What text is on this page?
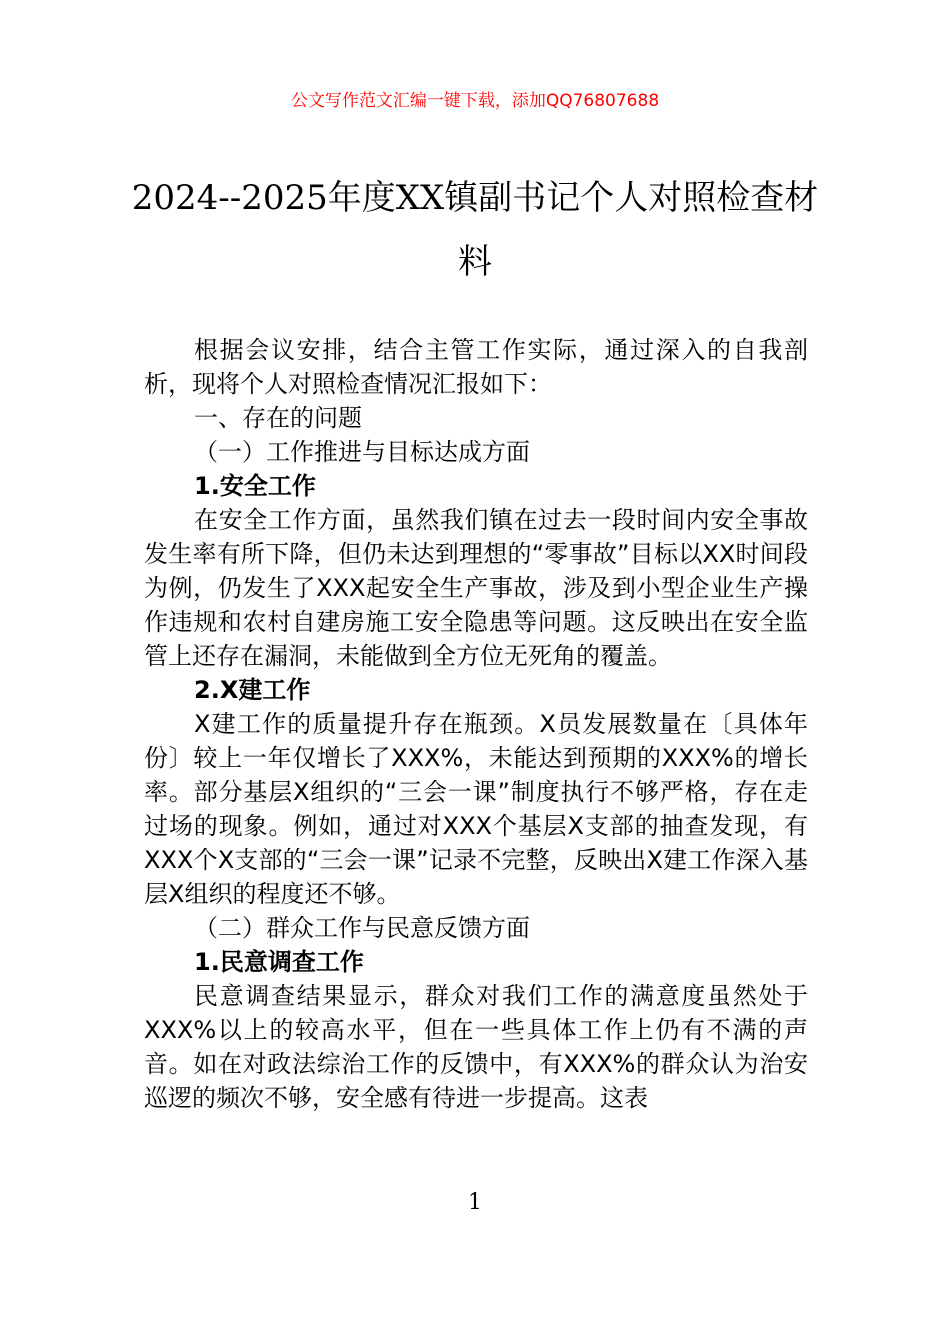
公文写作范文汇编一键下载，添加QQ76807688
2024--2025年度XX镇副书记个人对照检查材料

根据会议安排，结合主管工作实际，通过深入的自我剖析，现将个人对照检查情况汇报如下：

一、存在的问题

（一）工作推进与目标达成方面

1.安全工作

在安全工作方面，虽然我们镇在过去一段时间内安全事故发生率有所下降，但仍未达到理想的“零事故”目标以XX时间段为例，仍发生了XXX起安全生产事故，涉及到小型企业生产操作违规和农村自建房施工安全隐患等问题。这反映出在安全监管上还存在漏洞，未能做到全方位无死角的覆盖。

2.X建工作

X建工作的质量提升存在瓶颈。X员发展数量在〔具体年份〕较上一年仅增长了XXX%，未能达到预期的XXX%的增长率。部分基层X组织的“三会一课”制度执行不够严格，存在走过场的现象。例如，通过对XXX个基层X支部的抽查发现，有XXX个X支部的“三会一课”记录不完整，反映出X建工作深入基层X组织的程度还不够。

（二）群众工作与民意反馈方面

1.民意调查工作

民意调查结果显示，群众对我们工作的满意度虽然处于XXX%以上的较高水平，但在一些具体工作上仍有不满的声音。如在对政法综治工作的反馈中，有XXX%的群众认为治安巡逻的频次不够，安全感有待进一步提高。这表

1
